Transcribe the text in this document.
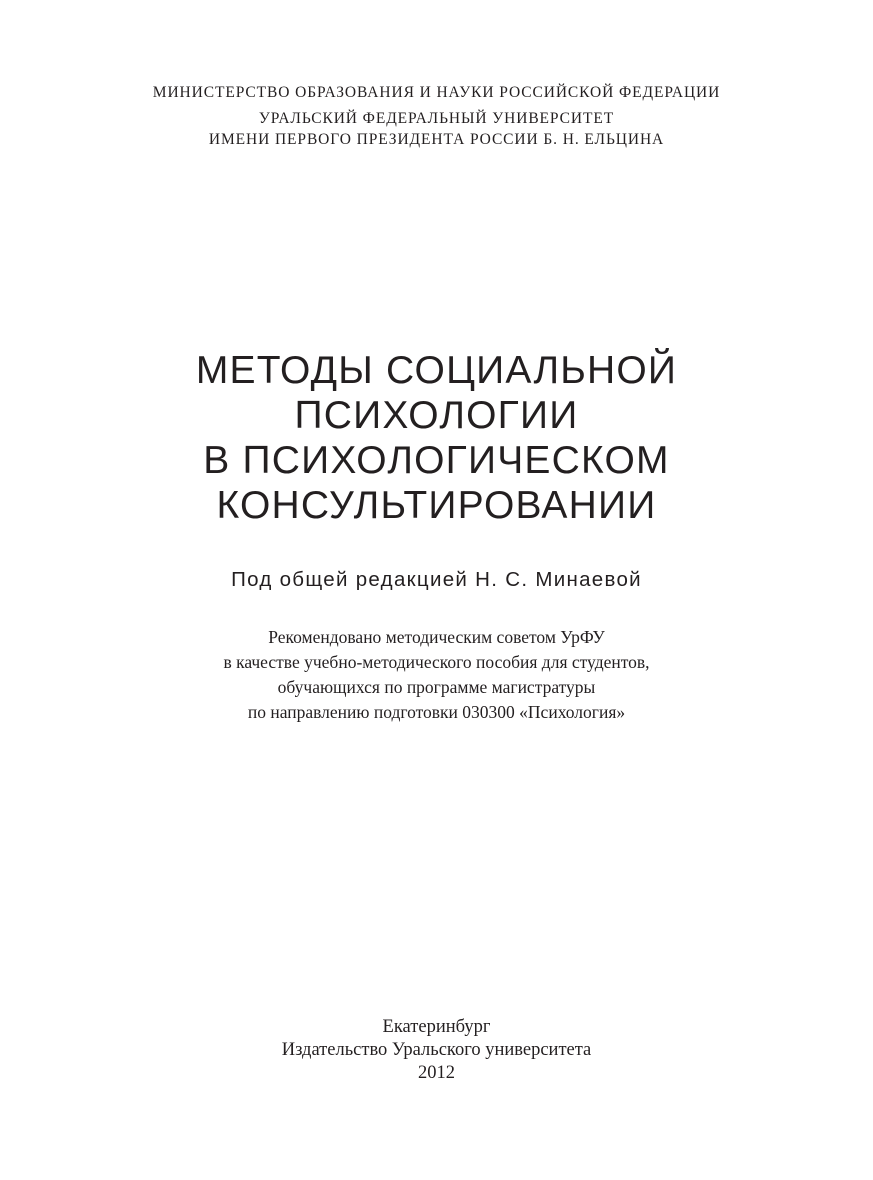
МИНИСТЕРСТВО ОБРАЗОВАНИЯ И НАУКИ РОССИЙСКОЙ ФЕДЕРАЦИИ
УРАЛЬСКИЙ ФЕДЕРАЛЬНЫЙ УНИВЕРСИТЕТ
ИМЕНИ ПЕРВОГО ПРЕЗИДЕНТА РОССИИ Б. Н. ЕЛЬЦИНА
МЕТОДЫ СОЦИАЛЬНОЙ
ПСИХОЛОГИИ
В ПСИХОЛОГИЧЕСКОМ
КОНСУЛЬТИРОВАНИИ
Под общей редакцией Н. С. Минаевой
Рекомендовано методическим советом УрФУ
в качестве учебно-методического пособия для студентов,
обучающихся по программе магистратуры
по направлению подготовки 030300 «Психология»
Екатеринбург
Издательство Уральского университета
2012
